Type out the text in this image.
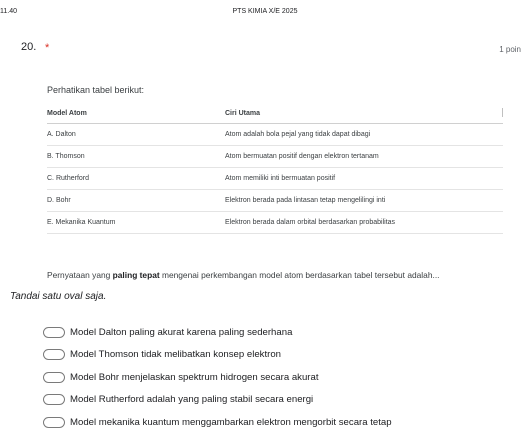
11.40	PTS KIMIA X/E 2025
20. *	1 poin
Perhatikan tabel berikut:
Model Atom	Ciri Utama

A. Dalton	Atom adalah bola pejal yang tidak dapat dibagi
B. Thomson	Atom bermuatan positif dengan elektron tertanam
C. Rutherford	Atom memiliki inti bermuatan positif
D. Bohr	Elektron berada pada lintasan tetap mengelilingi inti
E. Mekanika Kuantum	Elektron berada dalam orbital berdasarkan probabilitas
Pernyataan yang paling tepat mengenai perkembangan model atom berdasarkan tabel tersebut adalah...
Tandai satu oval saja.
Model Dalton paling akurat karena paling sederhana
Model Thomson tidak melibatkan konsep elektron
Model Bohr menjelaskan spektrum hidrogen secara akurat
Model Rutherford adalah yang paling stabil secara energi
Model mekanika kuantum menggambarkan elektron mengorbit secara tetap
